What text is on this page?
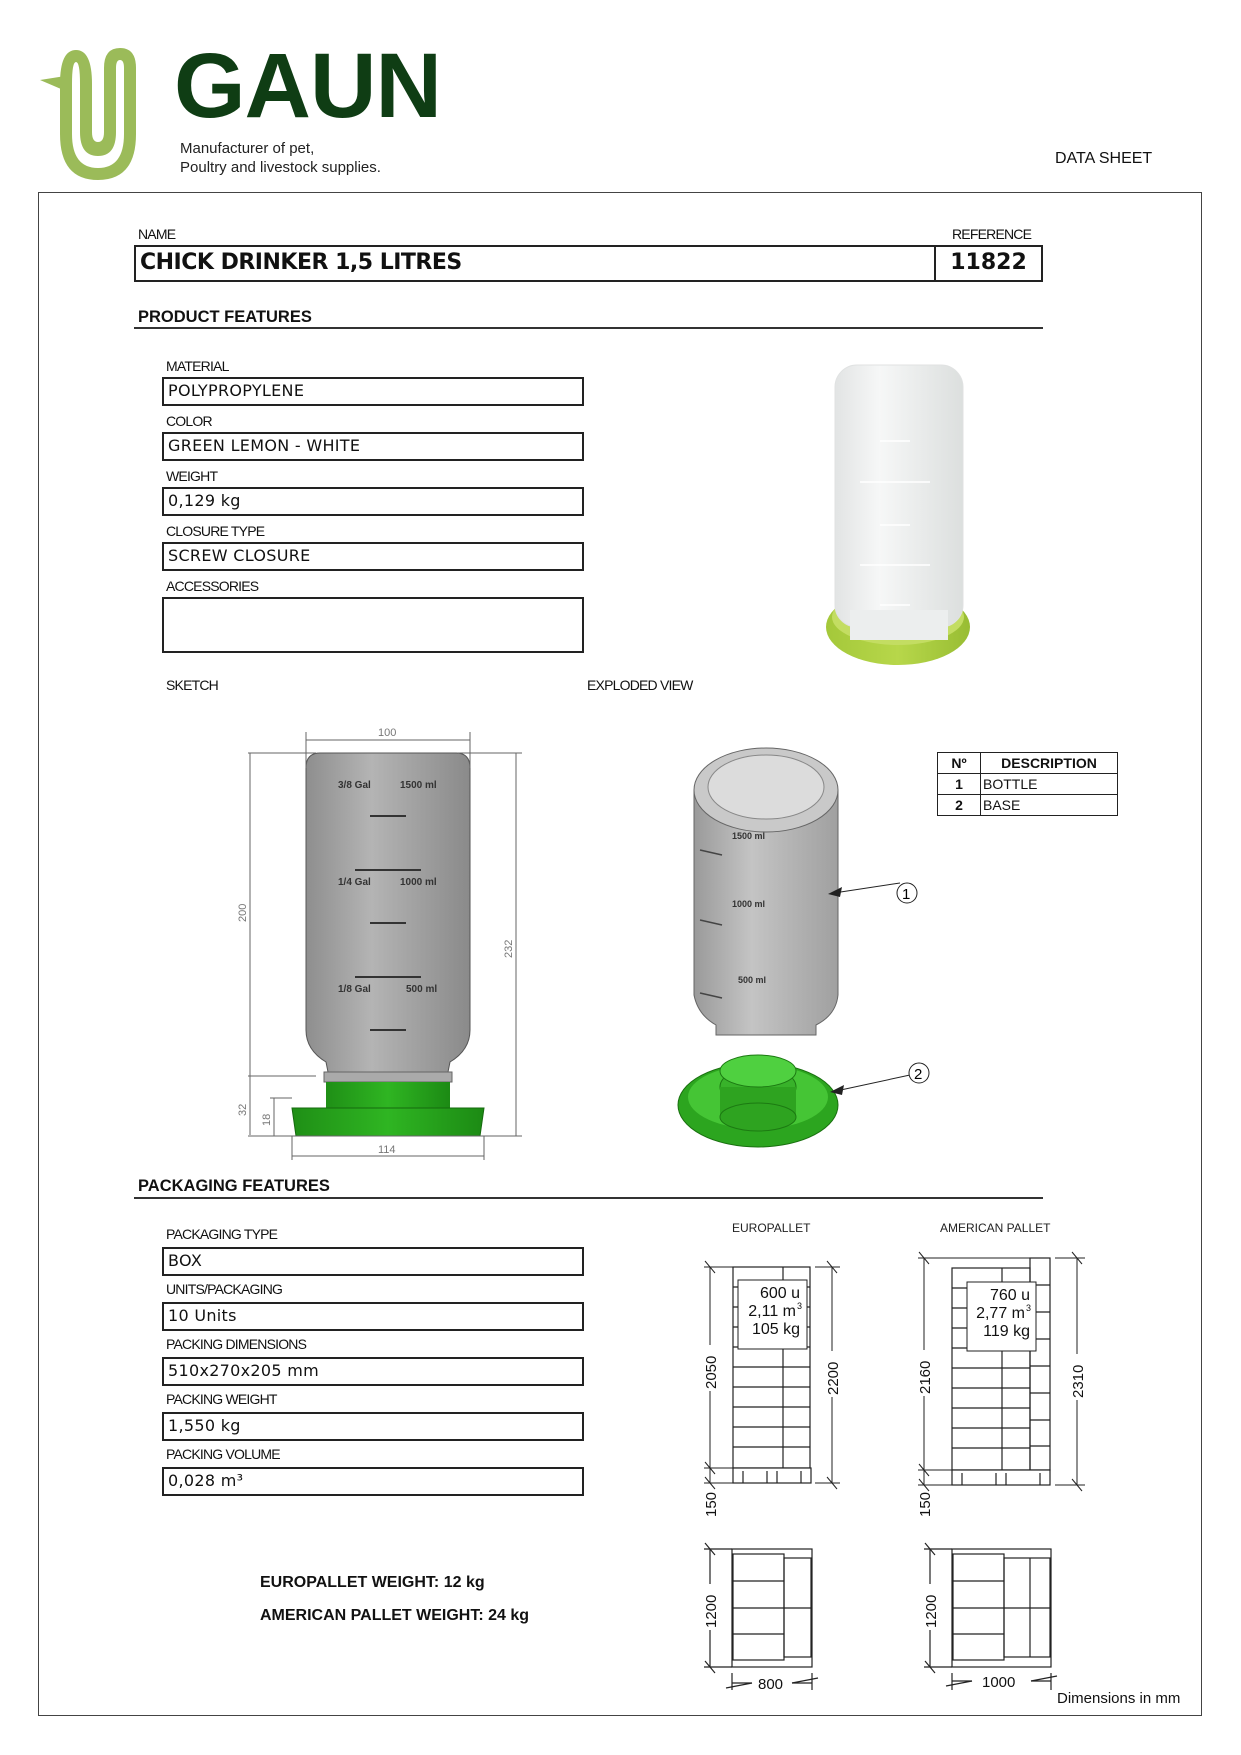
GAUN
Manufacturer of pet,
Poultry and livestock supplies.
DATA SHEET
NAME	REFERENCE
CHICK DRINKER 1,5 LITRES	11822
PRODUCT FEATURES
MATERIAL
POLYPROPYLENE
COLOR
GREEN LEMON - WHITE
WEIGHT
0,129 kg
CLOSURE TYPE
SCREW CLOSURE
ACCESSORIES
SKETCH	EXPLODED VIEW
3/8 Gal	1500 ml
1/4 Gal	1000 ml
1/8 Gal	500 ml
100
200
232
32
18
114
1500 ml
1000 ml
500 ml
1
2
Nº	DESCRIPTION
1	BOTTLE
2	BASE
PACKAGING FEATURES
PACKAGING TYPE
BOX
UNITS/PACKAGING
10 Units
PACKING DIMENSIONS
510x270x205 mm
PACKING WEIGHT
1,550 kg
PACKING VOLUME
0,028 m³
EUROPALLET WEIGHT: 12 kg
AMERICAN PALLET WEIGHT: 24 kg
EUROPALLET	AMERICAN PALLET
600 u
2,11 m 3
105 kg
2050	2200
150
760 u
2,77 m 3
119 kg
2160	2310
150
1200
800
1200
1000
Dimensions in mm
